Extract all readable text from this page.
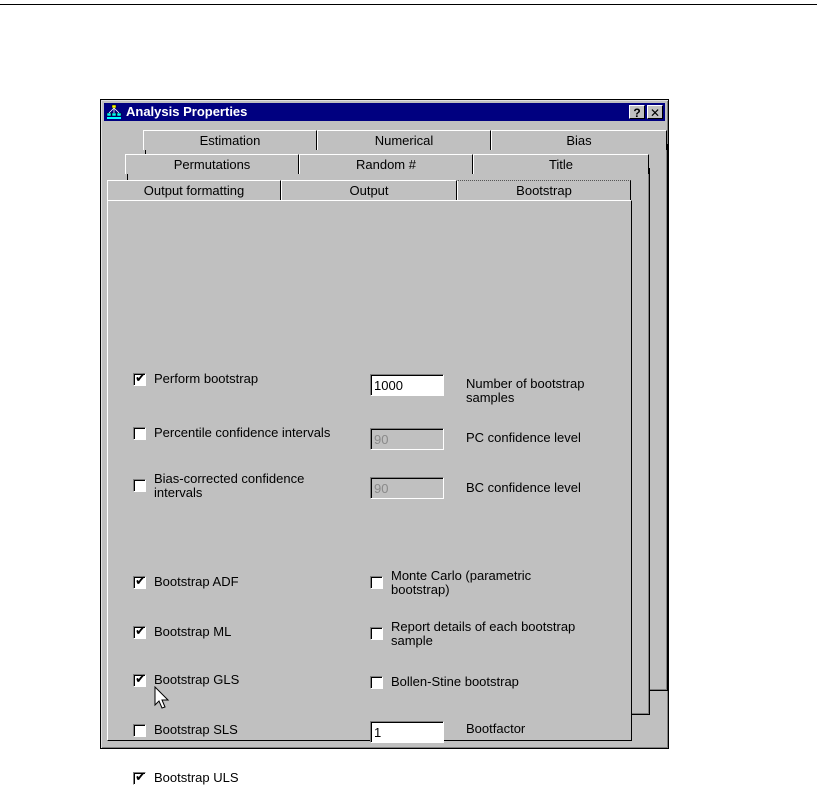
Analysis Properties	? ✕
Estimation	Numerical	Bias
Permutations	Random #	Title
Output formatting	Output	Bootstrap
✔ Perform bootstrap	1000	Number of bootstrap
samples
Percentile confidence intervals	90	PC confidence level
Bias-corrected confidence
intervals	90	BC confidence level
✔ Bootstrap ADF	Monte Carlo (parametric
bootstrap)
✔ Bootstrap ML	Report details of each bootstrap
sample
✔ Bootstrap GLS	Bollen-Stine bootstrap
Bootstrap SLS	1	Bootfactor
✔ Bootstrap ULS
